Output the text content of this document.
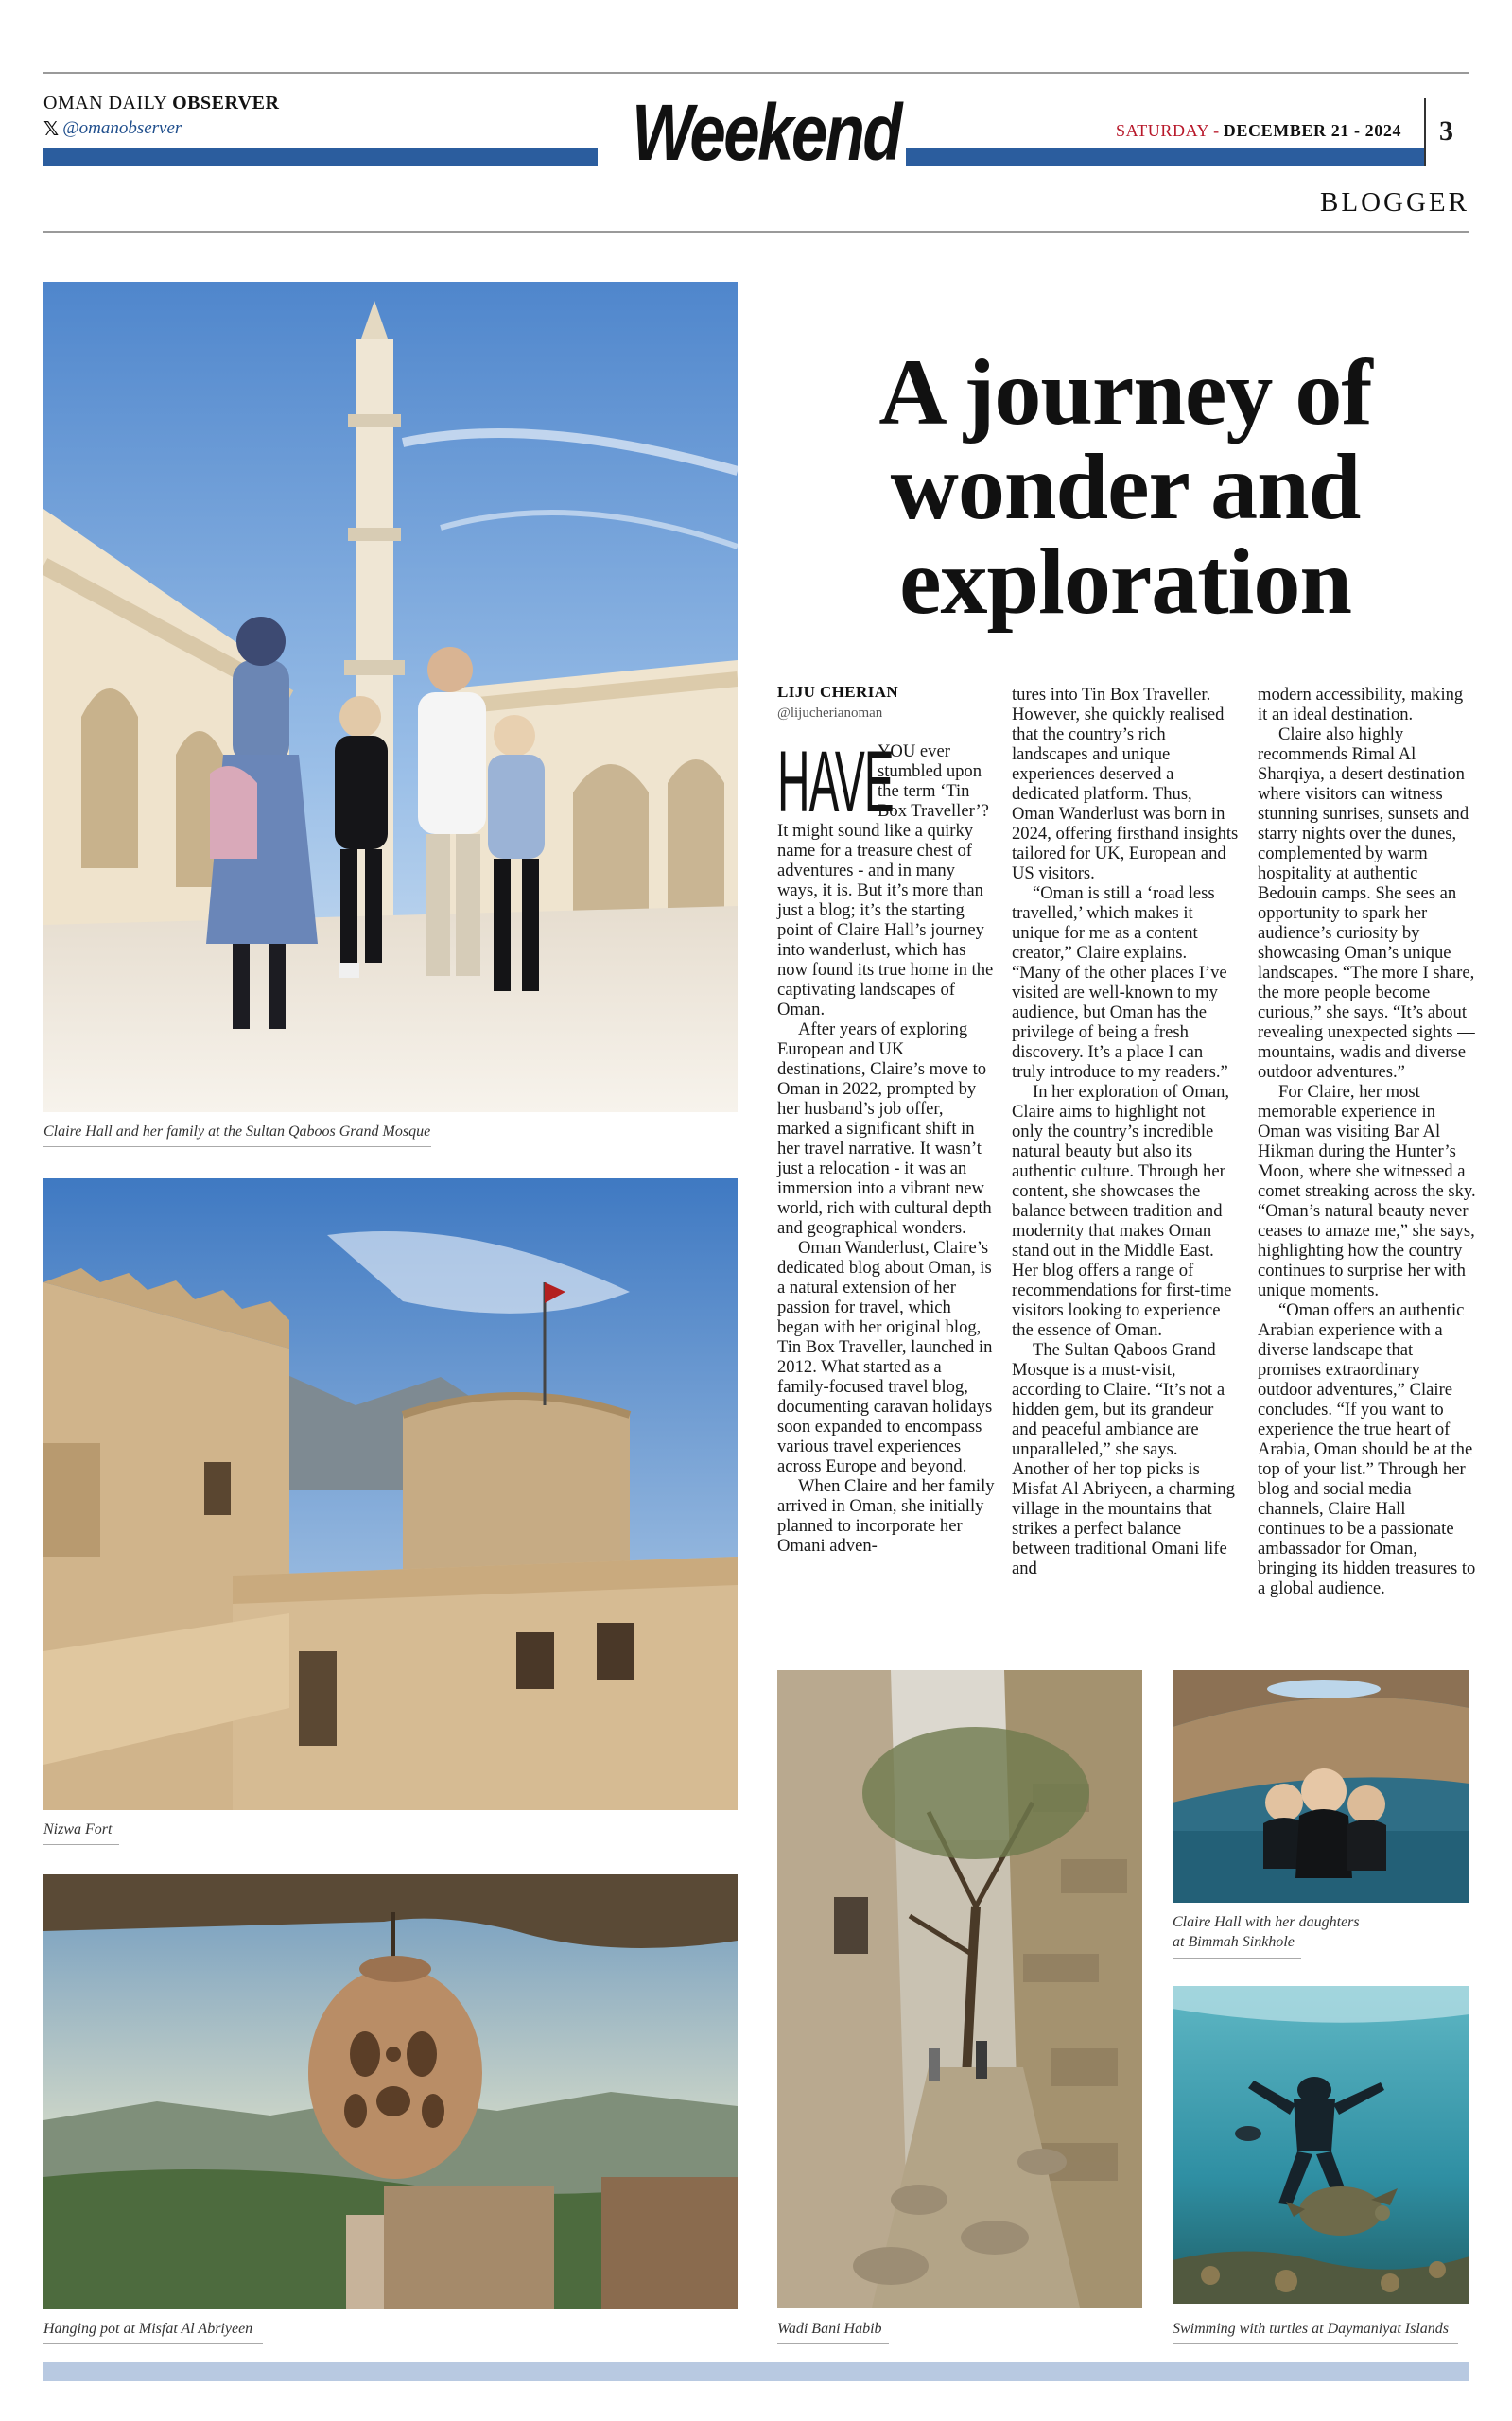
OMAN DAILY OBSERVER
𝕏 @omanobserver	Weekend	SATURDAY - DECEMBER 21 - 2024 3
BLOGGER
Claire Hall and her family at the Sultan Qaboos Grand Mosque
Nizwa Fort
Hanging pot at Misfat Al Abriyeen
A journey of wonder and exploration
LIJU CHERIAN
@lijucherianoman

HAVE
YOU ever stumbled upon the term ‘Tin Box Traveller’? It might sound like a quirky name for a treasure chest of adventures - and in many ways, it is. But it’s more than just a blog; it’s the starting point of Claire Hall’s journey into wanderlust, which has now found its true home in the captivating landscapes of Oman.

After years of exploring European and UK destinations, Claire’s move to Oman in 2022, prompted by her husband’s job offer, marked a significant shift in her travel narrative. It wasn’t just a relocation - it was an immersion into a vibrant new world, rich with cultural depth and geographical wonders.

Oman Wanderlust, Claire’s dedicated blog about Oman, is a natural extension of her passion for travel, which began with her original blog, Tin Box Traveller, launched in 2012. What started as a family-focused travel blog, documenting caravan holidays soon expanded to encompass various travel experiences across Europe and beyond.

When Claire and her family arrived in Oman, she initially planned to incorporate her Omani adven-

tures into Tin Box Traveller. However, she quickly realised that the country’s rich landscapes and unique experiences deserved a dedicated platform. Thus, Oman Wanderlust was born in 2024, offering firsthand insights tailored for UK, European and US visitors.

“Oman is still a ‘road less travelled,’ which makes it unique for me as a content creator,” Claire explains. “Many of the other places I’ve visited are well-known to my audience, but Oman has the privilege of being a fresh discovery. It’s a place I can truly introduce to my readers.”

In her exploration of Oman, Claire aims to highlight not only the country’s incredible natural beauty but also its authentic culture. Through her content, she showcases the balance between tradition and modernity that makes Oman stand out in the Middle East. Her blog offers a range of recommendations for first-time visitors looking to experience the essence of Oman.

The Sultan Qaboos Grand Mosque is a must-visit, according to Claire. “It’s not a hidden gem, but its grandeur and peaceful ambiance are unparalleled,” she says. Another of her top picks is Misfat Al Abriyeen, a charming village in the mountains that strikes a perfect balance between traditional Omani life and

modern accessibility, making it an ideal destination.

Claire also highly recommends Rimal Al Sharqiya, a desert destination where visitors can witness stunning sunrises, sunsets and starry nights over the dunes, complemented by warm hospitality at authentic Bedouin camps. She sees an opportunity to spark her audience’s curiosity by showcasing Oman’s unique landscapes. “The more I share, the more people become curious,” she says. “It’s about revealing unexpected sights — mountains, wadis and diverse outdoor adventures.”

For Claire, her most memorable experience in Oman was visiting Bar Al Hikman during the Hunter’s Moon, where she witnessed a comet streaking across the sky. “Oman’s natural beauty never ceases to amaze me,” she says, highlighting how the country continues to surprise her with unique moments.

“Oman offers an authentic Arabian experience with a diverse landscape that promises extraordinary outdoor adventures,” Claire concludes. “If you want to experience the true heart of Arabia, Oman should be at the top of your list.” Through her blog and social media channels, Claire Hall continues to be a passionate ambassador for Oman, bringing its hidden treasures to a global audience.

Wadi Bani Habib
Claire Hall with her daughters
at Bimmah Sinkhole
Swimming with turtles at Daymaniyat Islands
